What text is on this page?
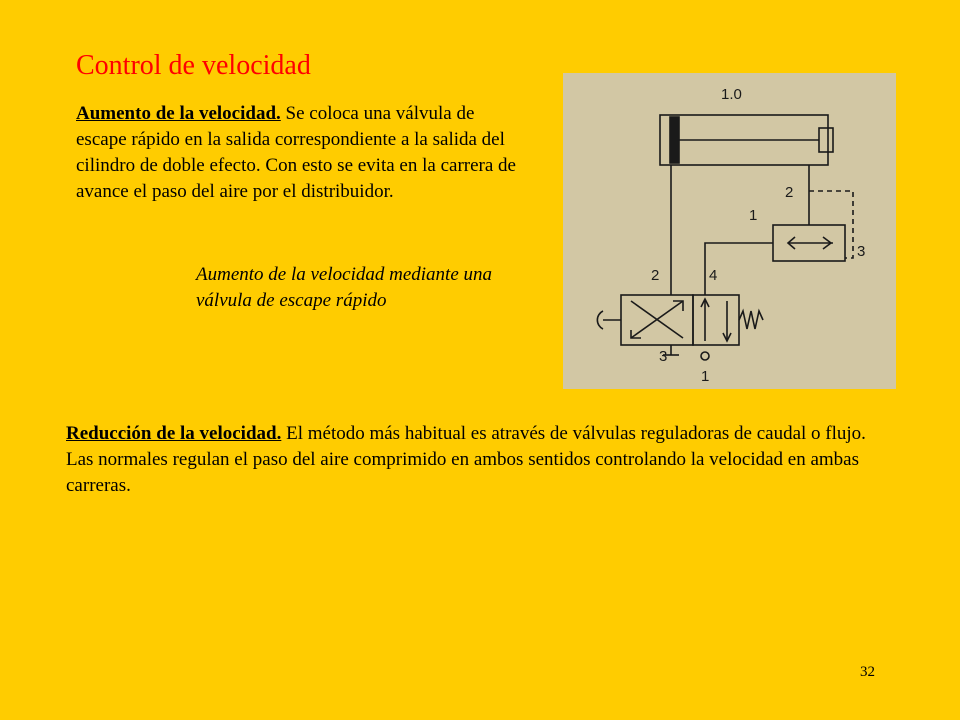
Control de velocidad

Aumento de la velocidad. Se coloca una válvula de escape rápido en la salida correspondiente a la salida del cilindro de doble efecto. Con esto se evita en la carrera de avance el paso del aire por el distribuidor.

Aumento de la velocidad mediante una válvula de escape rápido

1.0
2
1
3
2	4
3
1

Reducción de la velocidad. El método más habitual es através de válvulas reguladoras de caudal o flujo. Las normales regulan el paso del aire comprimido en ambos sentidos controlando la velocidad en ambas carreras.

32
